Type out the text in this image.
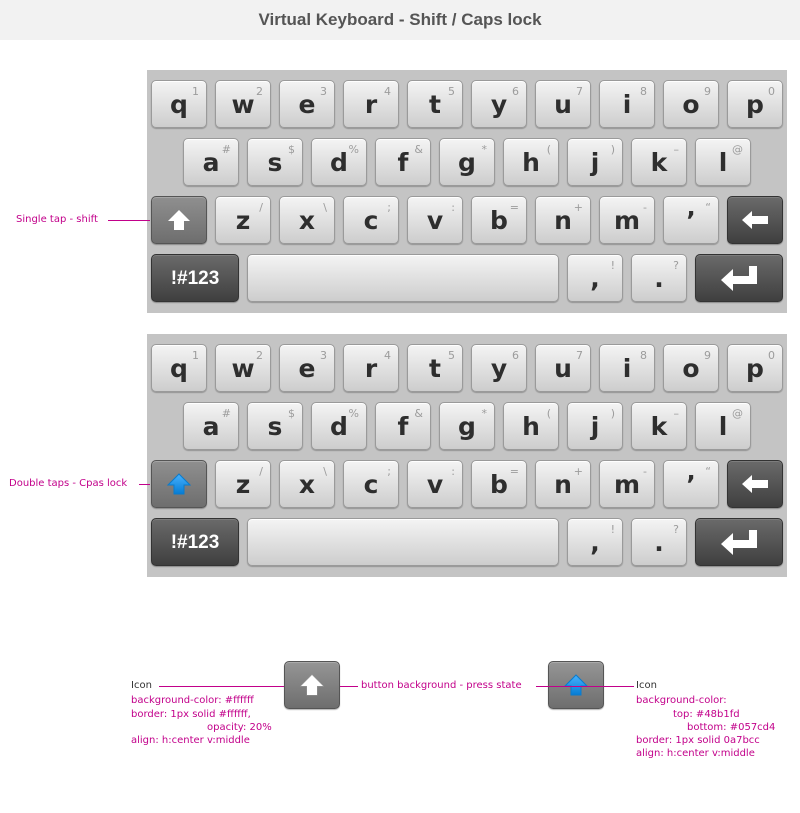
Virtual Keyboard - Shift / Caps lock
q 1	w 2	e 3	r 4	t 5	y 6	u 7	i 8	o 9	p 0
a #	s $	d %	f &	g *	h (	j	)	k –	l @
z /	x \	c ;	v :	b =	n +	m -	’ “
!#123	, !	. ?
q 1	w 2	e 3	r 4	t 5	y 6	u 7	i 8	o 9	p 0
a #	s $	d %	f &	g *	h (	j	)	k –	l @
z /	x \	c ;	v :	b =	n +	m -	’ “
!#123	, !	. ?
Single tap - shift
Double taps - Cpas lock
button background - press state
Icon
background-color: #ffffff
border: 1px solid #ffffff,
opacity: 20%
align: h:center v:middle
Icon
background-color:
top: #48b1fd
bottom: #057cd4
border: 1px solid 0a7bcc
align: h:center v:middle
